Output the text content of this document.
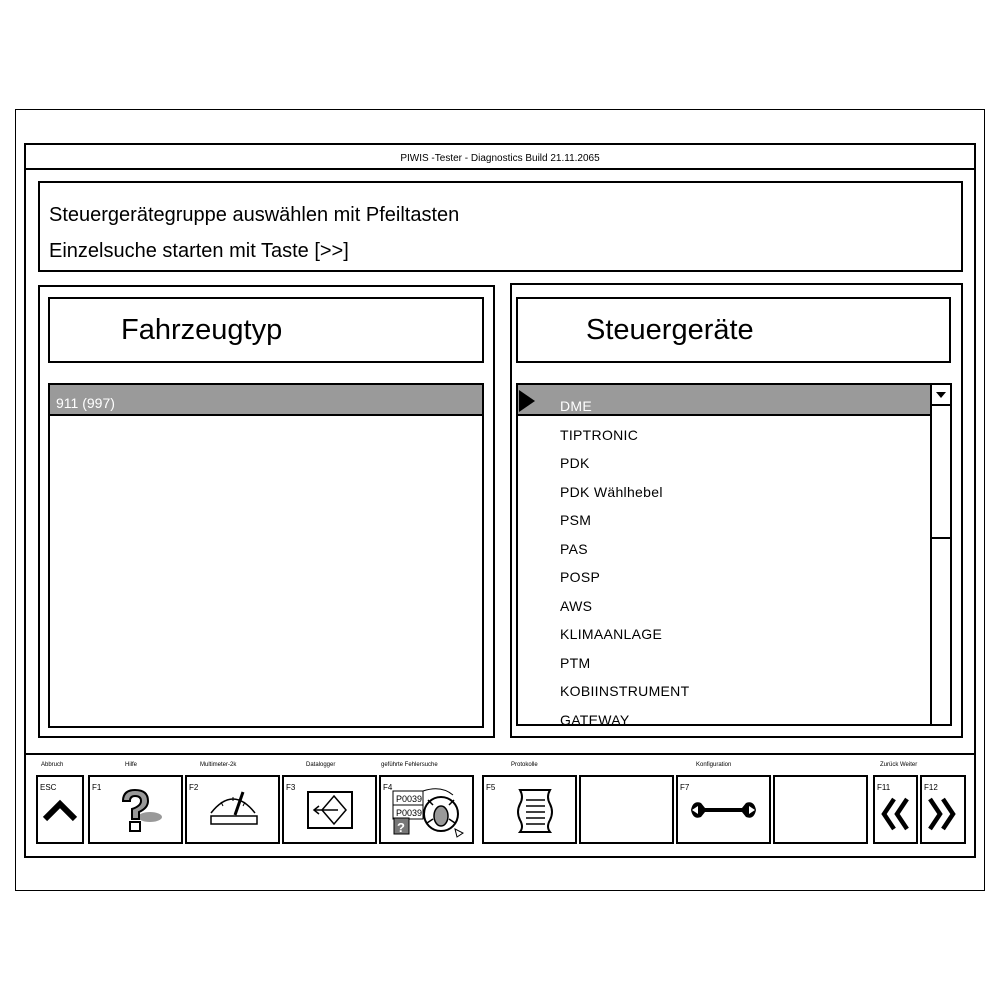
PIWIS -Tester - Diagnostics Build 21.11.2065
Steuergerätegruppe auswählen mit Pfeiltasten
Einzelsuche starten mit Taste [>>]
Fahrzeugtyp
911 (997)
Steuergeräte
DME
TIPTRONIC
PDK
PDK Wählhebel
PSM
PAS
POSP
AWS
KLIMAANLAGE
PTM
KOBIINSTRUMENT
GATEWAY
Abbruch	Hilfe	Multimeter-2k	Datalogger	geführte Fehlersuche	Protokolle	Konfiguration	Zurück Weiter
ESC	F1	F2	F3	F4
P0039
P0039
?
F5	F7	F11	F12
